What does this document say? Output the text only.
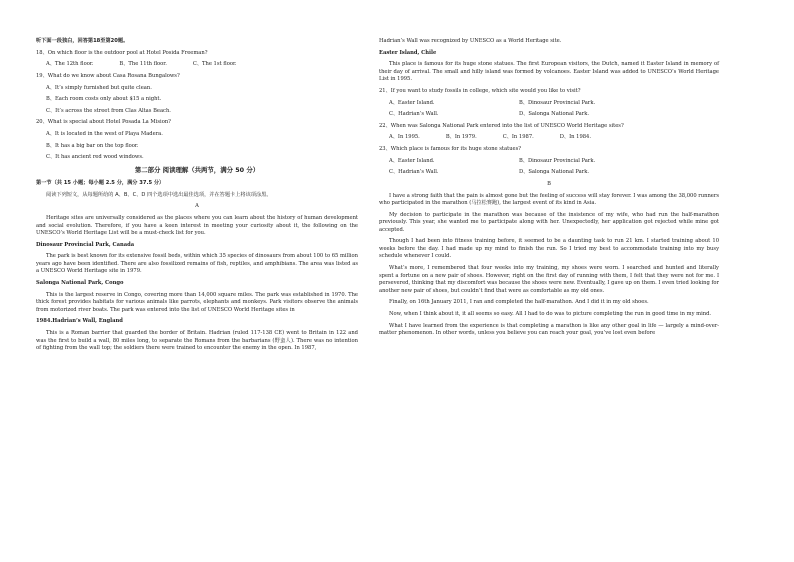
听下面一段独白，回答第18至第20题。

18、On which floor is the outdoor pool at Hotel Posida Freeman?

A、The 12th floor.	B、The 11th floor.	C、The 1st floor.

19、What do we know about Casa Rosana Bungalows?

A、It’s simply furnished but quite clean.

B、Each room costs only about $15 a night.

C、It’s across the street from Clas Altas Beach.

20、What is special about Hotel Posada La Mision?

A、It is located in the west of Playa Madera.

B、It has a big bar on the top floor.

C、It has ancient red wood windows.

第二部分 阅读理解（共两节，满分 50 分）

第一节（共 15 小题；每小题 2.5 分，满分 37.5 分）

阅读下列短文，从每题所给的 A、B、C、D 四个选项中选出最佳选项，并在答题卡上将该项涂黑。

A

Heritage sites are universally considered as the places where you can learn about the history of human development and social evolution. Therefore, if you have a keen interest in meeting your curiosity about it, the following on the UNESCO’s World Heritage List will be a must-check list for you.

Dinosaur Provincial Park, Canada

The park is best known for its extensive fossil beds, within which 35 species of dinosaurs from about 100 to 65 million years ago have been identified. There are also fossilized remains of fish, reptiles, and amphibians. The area was listed as a UNESCO World Heritage site in 1979.

Salonga National Park, Congo

This is the largest reserve in Congo, covering more than 14,000 square miles. The park was established in 1970. The thick forest provides habitats for various animals like parrots, elephants and monkeys. Park visitors observe the animals from motorized river boats. The park was entered into the list of UNESCO World Heritage sites in

1984.Hadrian’s Wall, England

This is a Roman barrier that guarded the border of Britain. Hadrian (ruled 117-138 CE) went to Britain in 122 and was the first to build a wall, 80 miles long, to separate the Romans from the barbarians (野蛮人). There was no intention of fighting from the wall top; the soldiers there were trained to encounter the enemy in the open. In 1987,

Hadrian’s Wall was recognized by UNESCO as a World Heritage site.

Easter Island, Chile

This place is famous for its huge stone statues. The first European visitors, the Dutch, named it Easter Island in memory of their day of arrival. The small and hilly island was formed by volcanoes. Easter Island was added to UNESCO’s World Heritage List in 1995.

21、If you want to study fossils in college, which site would you like to visit?

A、Easter Island.	B、Dinosaur Provincial Park.
C、Hadrian’s Wall.	D、Salonga National Park.

22、When was Salonga National Park entered into the list of UNESCO World Heritage sites?

A、In 1995.	B、In 1979.	C、In 1987.	D、In 1984.

23、Which place is famous for its huge stone statues?

A、Easter Island.	B、Dinosaur Provincial Park.
C、Hadrian’s Wall.	D、Salonga National Park.

B

I have a strong faith that the pain is almost gone but the feeling of success will stay forever. I was among the 38,000 runners who participated in the marathon (马拉松赛跑), the largest event of its kind in Asia.

My decision to participate in the marathon was because of the insistence of my wife, who had run the half-marathon previously. This year, she wanted me to participate along with her. Unexpectedly, her application got rejected while mine got accepted.

Though I had been into fitness training before, it seemed to be a daunting task to run 21 km. I started training about 10 weeks before the day. I had made up my mind to finish the run. So I tried my best to accommodate training into my busy schedule whenever I could.

What’s more, I remembered that four weeks into my training, my shoes were worn. I searched and hunted and literally spent a fortune on a new pair of shoes. However, right on the first day of running with them, I felt that they were not for me. I persevered, thinking that my discomfort was because the shoes were new. Eventually, I gave up on them. I even tried looking for another new pair of shoes, but couldn’t find that were as comfortable as my old ones.

Finally, on 16th January 2011, I ran and completed the half-marathon. And I did it in my old shoes.

Now, when I think about it, it all seems so easy. All I had to do was to picture completing the run in good time in my mind.

What I have learned from the experience is that completing a marathon is like any other goal in life — largely a mind-over-matter phenomenon. In other words, unless you believe you can reach your goal, you’ve lost even before
